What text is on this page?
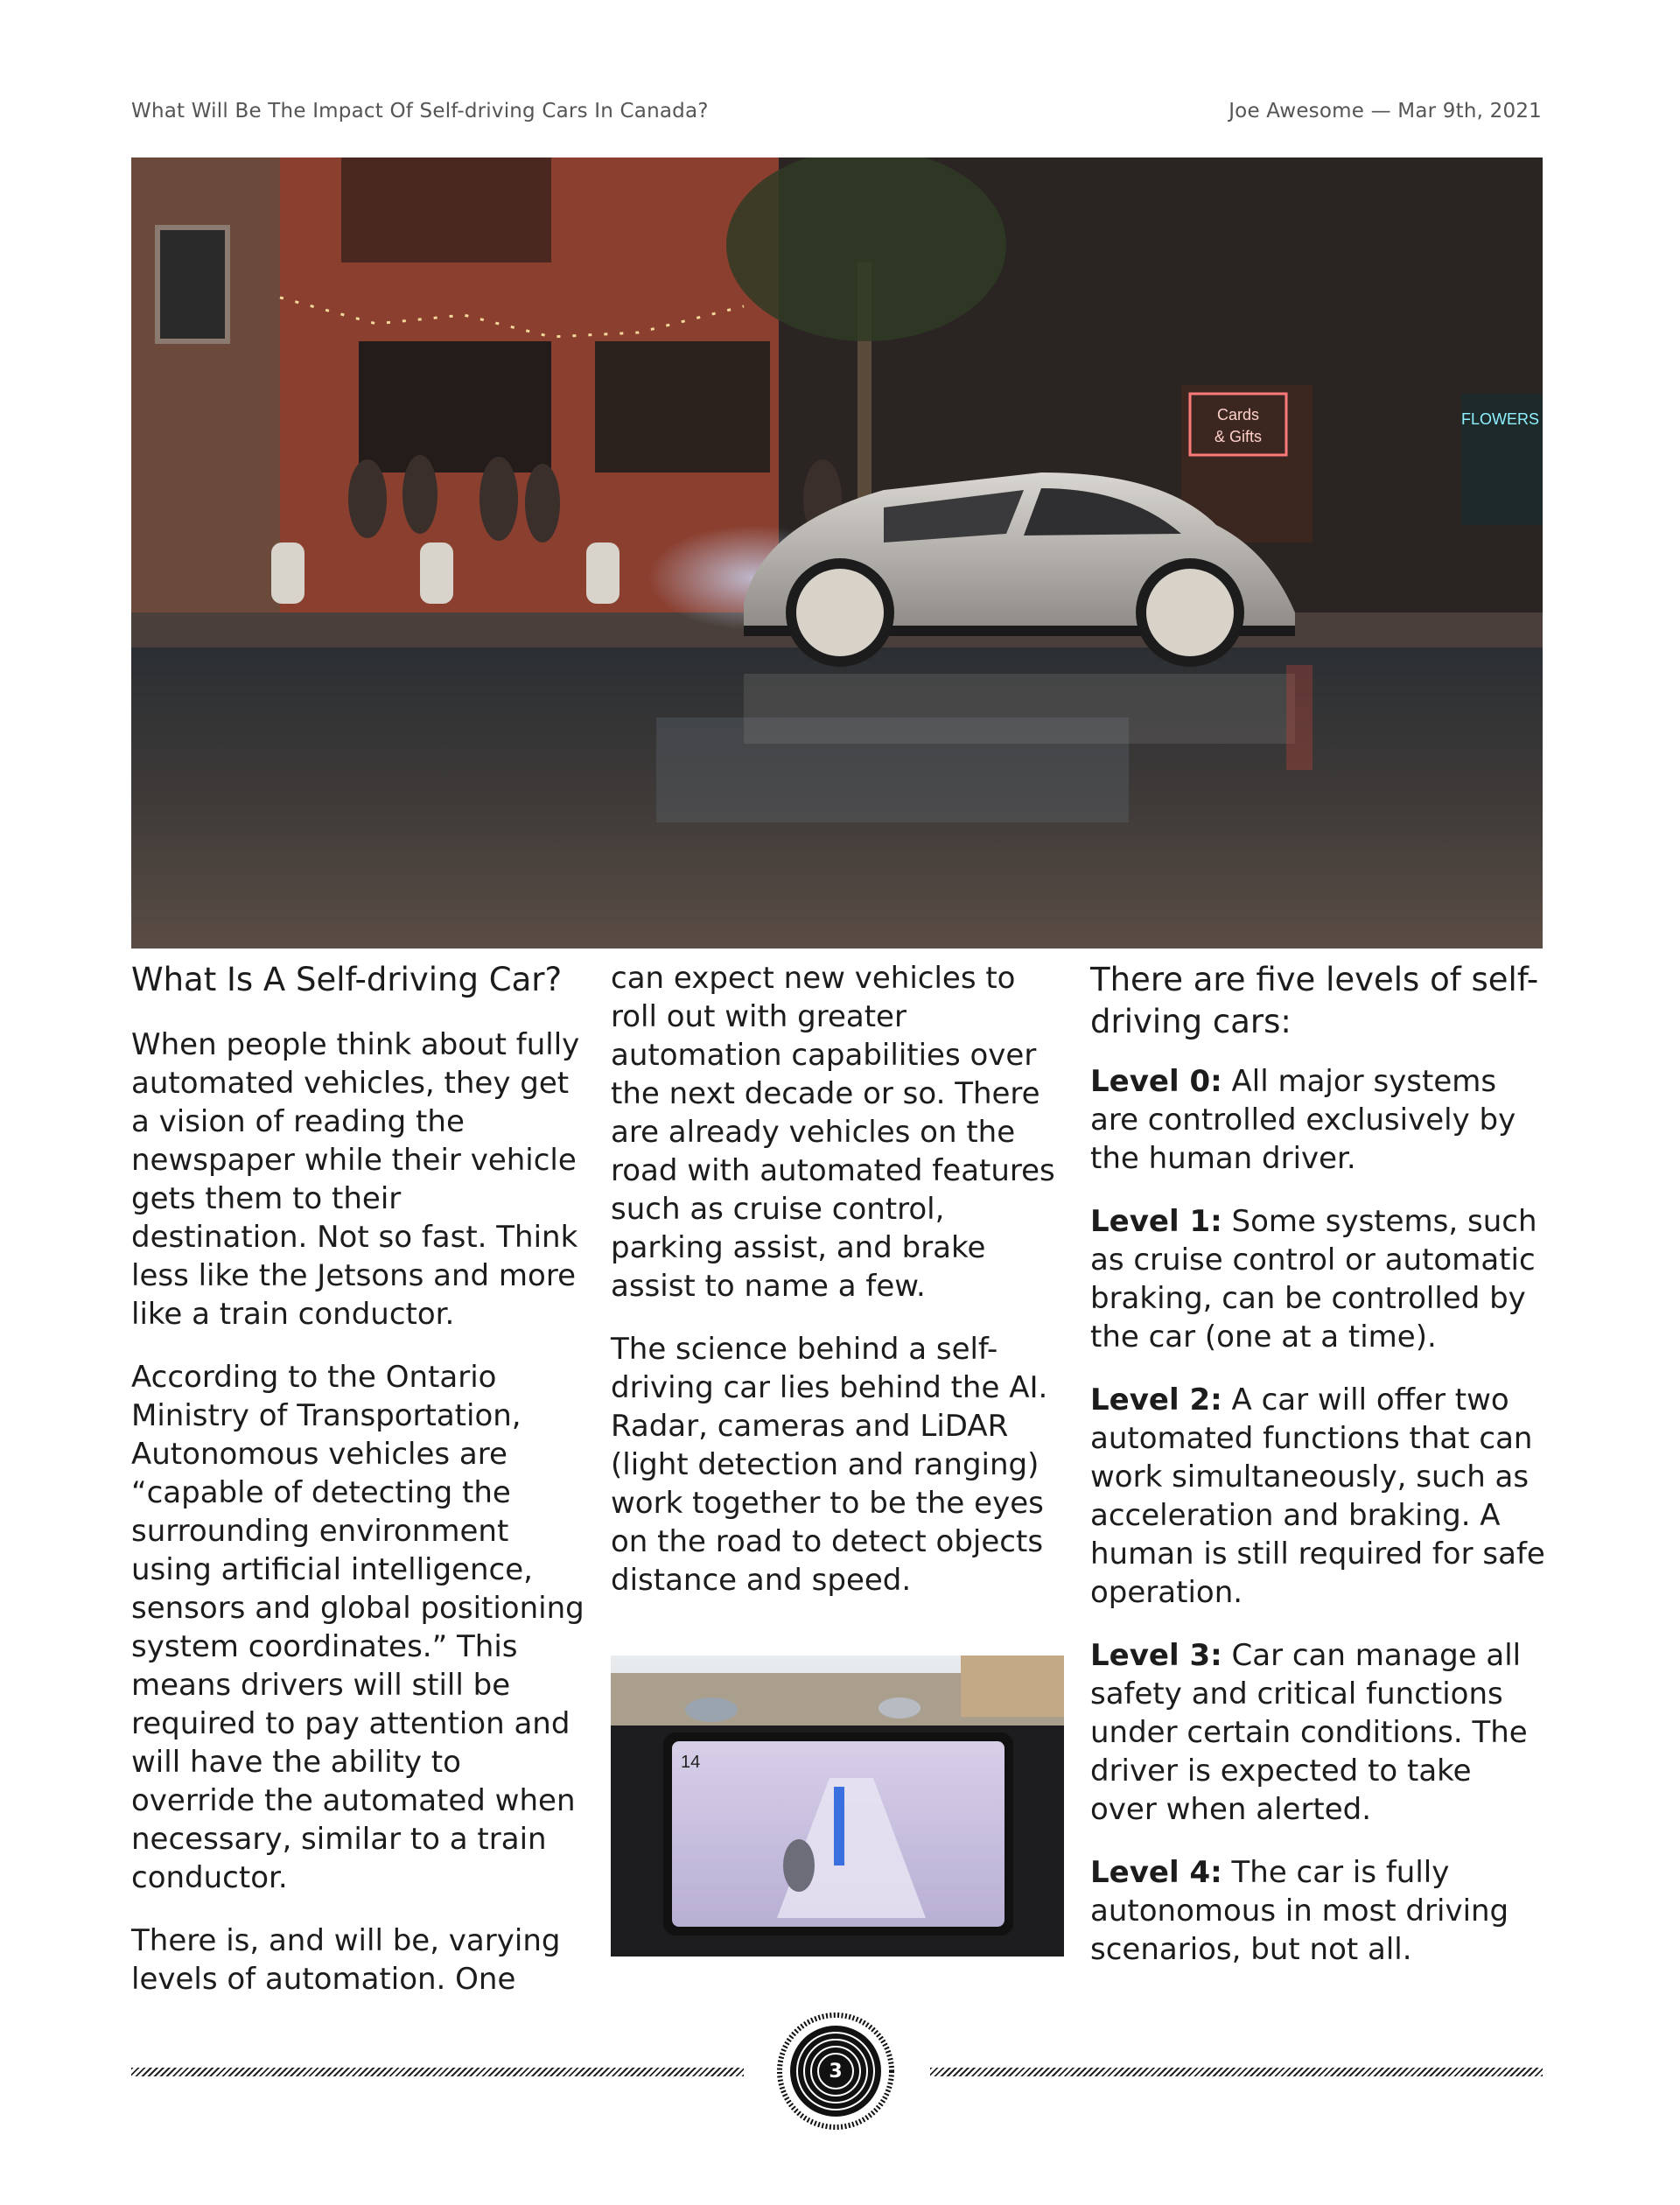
What Will Be The Impact Of Self-driving Cars In Canada?	Joe Awesome — Mar 9th, 2021
Cards
& Gifts
FLOWERS

What Is A Self-driving Car?

When people think about fully automated vehicles, they get a vision of reading the newspaper while their vehicle gets them to their destination. Not so fast. Think less like the Jetsons and more like a train conductor.

According to the Ontario Ministry of Transportation, Autonomous vehicles are “capable of detecting the surrounding environment using artificial intelligence, sensors and global positioning system coordinates.” This means drivers will still be required to pay attention and will have the ability to override the automated when necessary, similar to a train conductor.

There is, and will be, varying levels of automation. One

can expect new vehicles to roll out with greater automation capabilities over the next decade or so. There are already vehicles on the road with automated features such as cruise control, parking assist, and brake assist to name a few.

The science behind a self-driving car lies behind the AI. Radar, cameras and LiDAR (light detection and ranging) work together to be the eyes on the road to detect objects distance and speed.

14

There are five levels of self-driving cars:

Level 0: All major systems are controlled exclusively by the human driver.

Level 1: Some systems, such as cruise control or automatic braking, can be controlled by the car (one at a time).

Level 2: A car will offer two automated functions that can work simultaneously, such as acceleration and braking. A human is still required for safe operation.

Level 3: Car can manage all safety and critical functions under certain conditions. The driver is expected to take over when alerted.

Level 4: The car is fully autonomous in most driving scenarios, but not all.

3
